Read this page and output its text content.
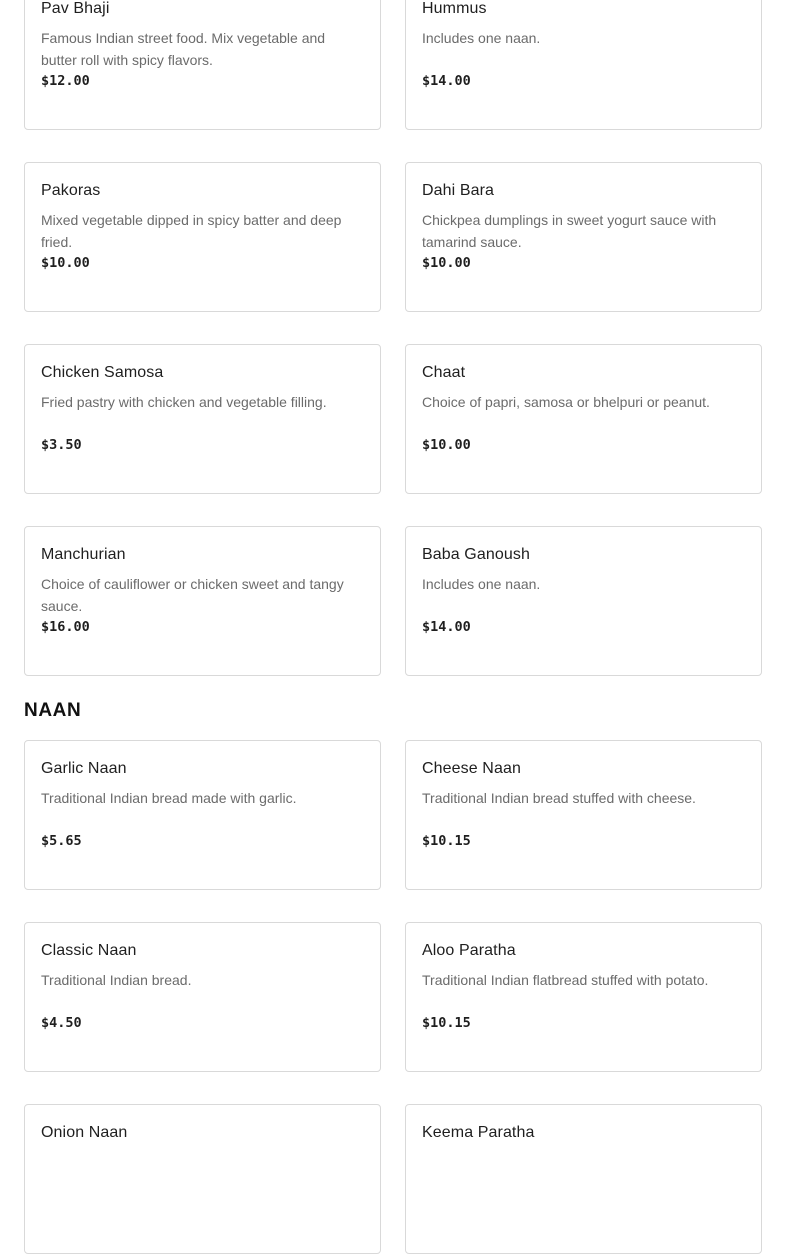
Pav Bhaji

Famous Indian street food. Mix vegetable and butter roll with spicy flavors.

$12.00

Hummus

Includes one naan.

$14.00

Pakoras

Mixed vegetable dipped in spicy batter and deep fried.

$10.00

Dahi Bara

Chickpea dumplings in sweet yogurt sauce with tamarind sauce.

$10.00

Chicken Samosa

Fried pastry with chicken and vegetable filling.

$3.50

Chaat

Choice of papri, samosa or bhelpuri or peanut.

$10.00

Manchurian

Choice of cauliflower or chicken sweet and tangy sauce.

$16.00

Baba Ganoush

Includes one naan.

$14.00

NAAN

Garlic Naan

Traditional Indian bread made with garlic.

$5.65

Cheese Naan

Traditional Indian bread stuffed with cheese.

$10.15

Classic Naan

Traditional Indian bread.

$4.50

Aloo Paratha

Traditional Indian flatbread stuffed with potato.

$10.15

Onion Naan	Keema Paratha
